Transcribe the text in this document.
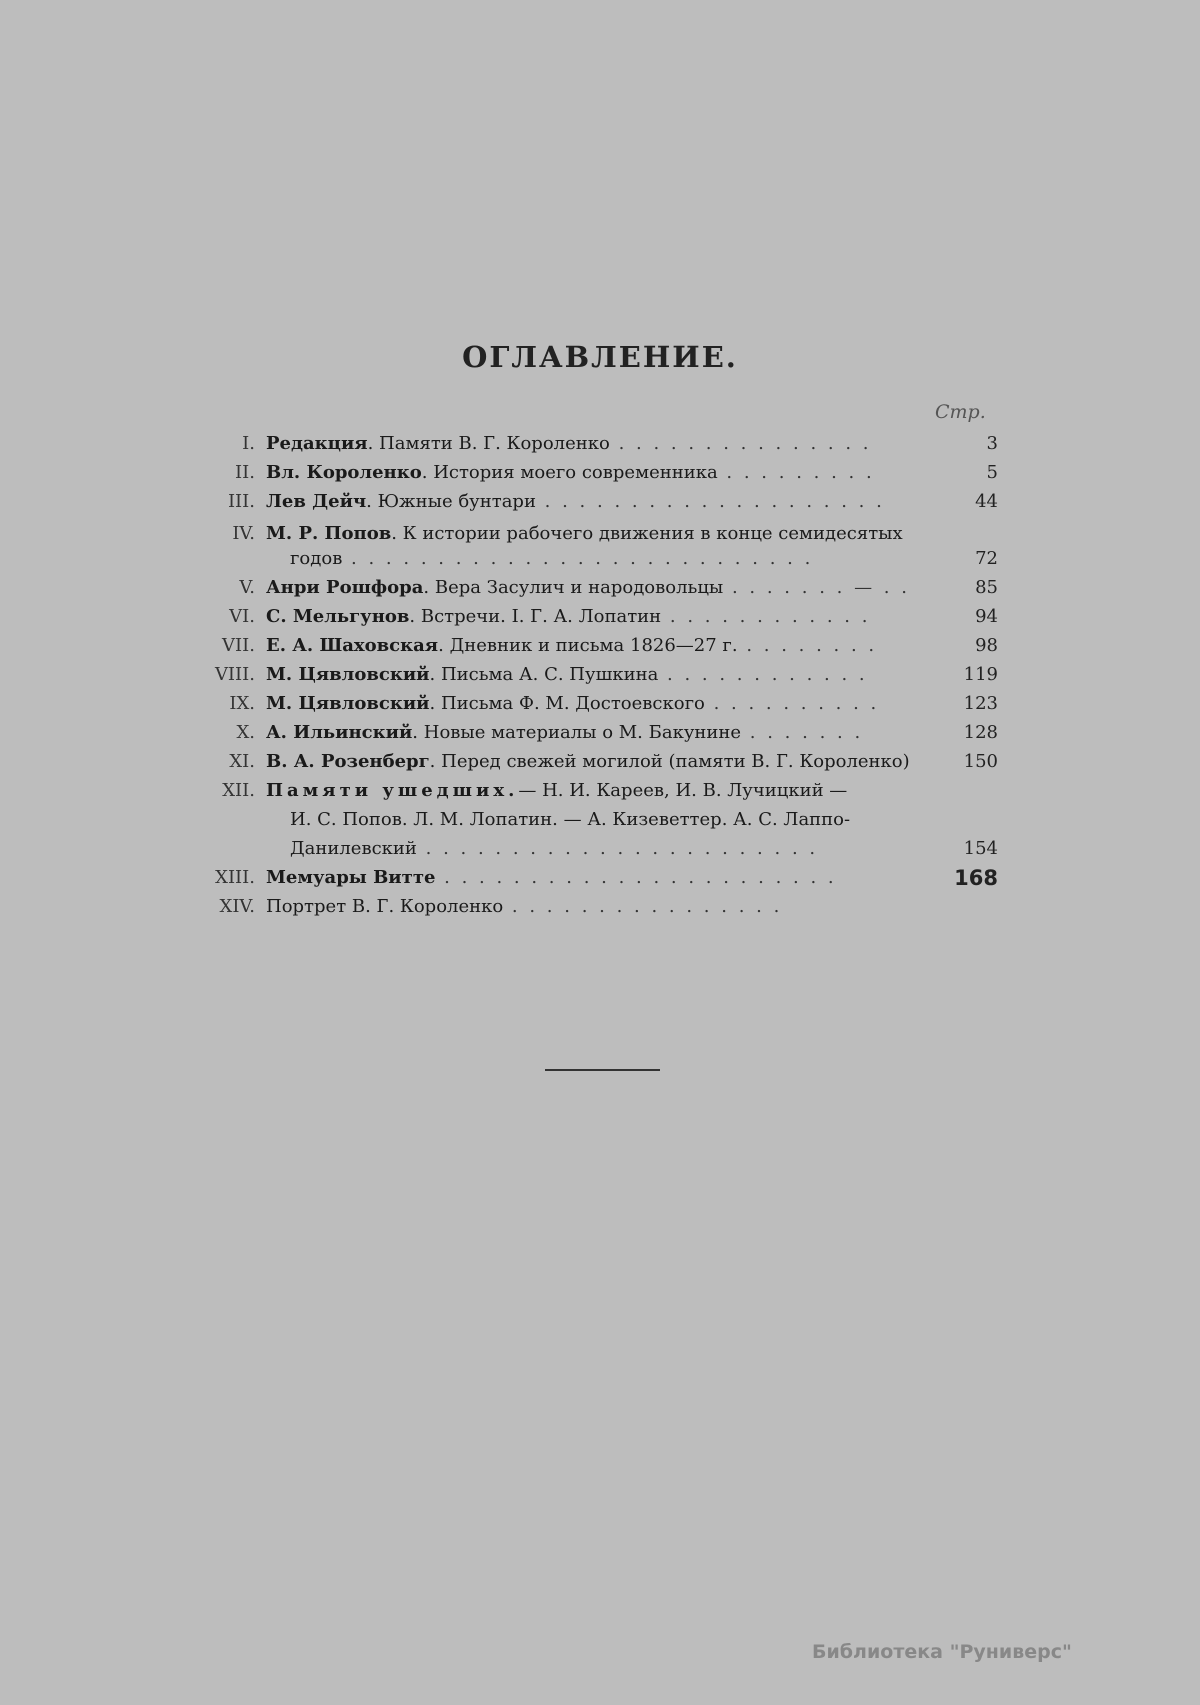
ОГЛАВЛЕНИЕ.
Стр.
I. Редакция. Памяти В. Г. Короленко . . . . . . . . . . . . . . .	3
II. Вл. Короленко. История моего современника . . . . . . . . .	5
III. Лев Дейч. Южные бунтари . . . . . . . . . . . . . . . . . . . .	44
IV. М. Р. Попов. К истории рабочего движения в конце семидесятых
годов . . . . . . . . . . . . . . . . . . . . . . . . . . .	72
V. Анри Рошфора. Вера Засулич и народовольцы . . . . . . . — . .	85
VI. С. Мельгунов. Встречи. I. Г. А. Лопатин . . . . . . . . . . . .	94
VII. Е. А. Шаховская. Дневник и письма 1826—27 г. . . . . . . . .	98
VIII. М. Цявловский. Письма А. С. Пушкина . . . . . . . . . . . .	119
IX. М. Цявловский. Письма Ф. М. Достоевского . . . . . . . . . .	123
X. А. Ильинский. Новые материалы о М. Бакунине . . . . . . .	128
XI. В. А. Розенберг. Перед свежей могилой (памяти В. Г. Короленко)	150
XII. Памяти ушедших.— Н. И. Кареев, И. В. Лучицкий —
И. С. Попов. Л. М. Лопатин. — А. Кизеветтер. А. С. Лаппо-
Данилевский . . . . . . . . . . . . . . . . . . . . . . .	154
XIII. Мемуары Витте . . . . . . . . . . . . . . . . . . . . . . .	168
XIV. Портрет В. Г. Короленко . . . . . . . . . . . . . . . .
Библиотека "Руниверс"
